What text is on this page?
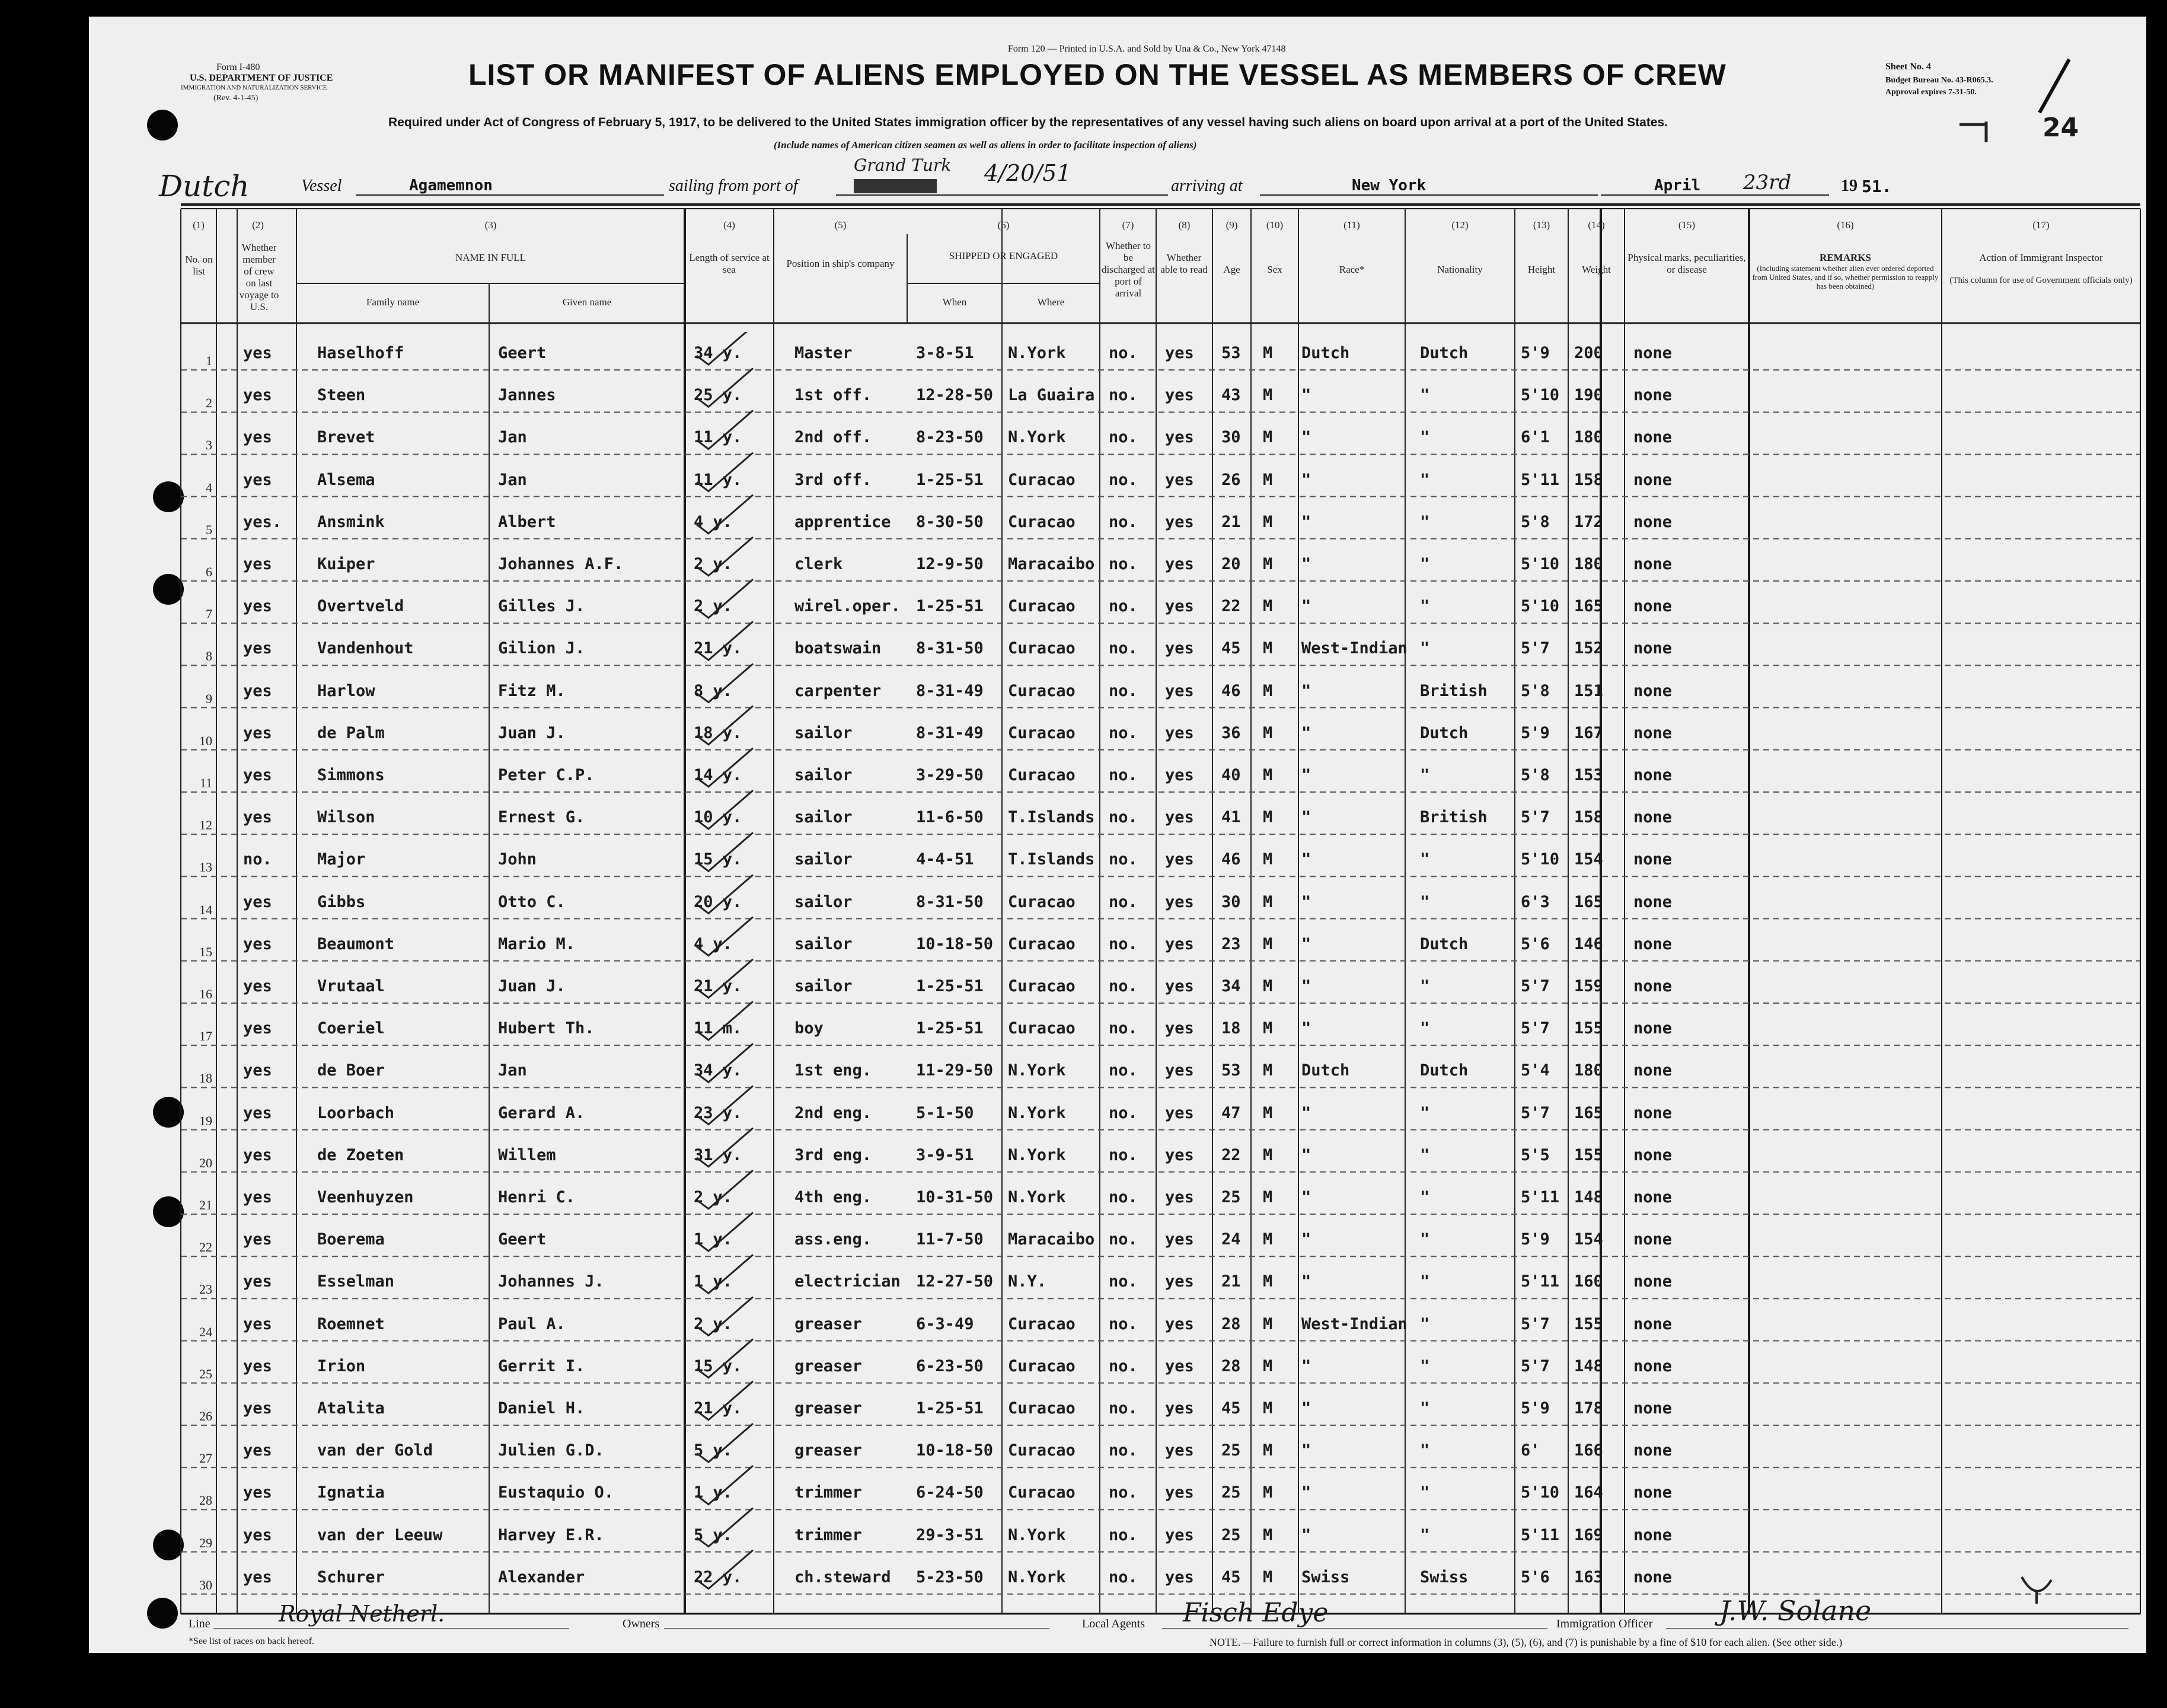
Form I-480
U.S. DEPARTMENT OF JUSTICE
IMMIGRATION AND NATURALIZATION SERVICE
(Rev. 4-1-45)
Form 120 — Printed in U.S.A. and Sold by Una & Co., New York 47148
LIST OR MANIFEST OF ALIENS EMPLOYED ON THE VESSEL AS MEMBERS OF CREW
Required under Act of Congress of February 5, 1917, to be delivered to the United States immigration officer by the representatives of any vessel having such aliens on board upon arrival at a port of the United States.
(Include names of American citizen seamen as well as aliens in order to facilitate inspection of aliens)
Sheet No. 4
Budget Bureau No. 43-R065.3.
Approval expires 7-31-50.
24
Dutch	Vessel	Agamemnon	sailing from port of
Grand Turk 4/20/51	arriving at	New York	April 23rd	19 51.
(1)	(2)	(3)	(4)	(5)	(6)	(7)	(8)	(9)	(10)	(11)	(12)	(13)	(14)	(15)	(16)	(17)
No. on list
Whether member of crew on last voyage to U.S.
NAME IN FULL
Family name	Given name
Length of service at sea
Position in ship's company
SHIPPED OR ENGAGED
When	Where
Whether to be discharged at port of arrival
Whether able to read	Age	Sex	Race*	Nationality	Height	Weight
Physical marks, peculiarities, or disease
REMARKS
(Including statement whether alien ever ordered deported from United States, and if so, whether permission to reapply has been obtained)
Action of Immigrant Inspector
(This column for use of Government officials only)
1 yes	Haselhoff	Geert	34 y.	Master	3-8-51 N.York	no. yes 53 M Dutch	Dutch	5'9 200 none
2 yes	Steen	Jannes	25 y.	1st off.	12-28-50 La Guaira no. yes 43 M "	"	5'10 190 none
3 yes	Brevet	Jan	11 y.	2nd off.	8-23-50 N.York	no. yes 30 M "	"	6'1 180 none
4 yes	Alsema	Jan	11 y.	3rd off.	1-25-51 Curacao no. yes 26 M "	"	5'11 158 none
5 yes. Ansmink	Albert	4 y.	apprentice 8-30-50 Curacao no. yes 21 M "	"	5'8 172 none
6 yes	Kuiper	Johannes A.F.	2 y.	clerk	12-9-50 Maracaibo no. yes 20 M "	"	5'10 180 none
7 yes	Overtveld	Gilles J.	2 y.	wirel.oper. 1-25-51 Curacao no. yes 22 M "	"	5'10 165 none
8 yes	Vandenhout	Gilion J.	21 y.	boatswain 8-31-50 Curacao no. yes 45 M West-Indian "	5'7 152 none
9 yes	Harlow	Fitz M.	8 y.	carpenter 8-31-49 Curacao no. yes 46 M "	British 5'8 151 none
10 yes	de Palm	Juan J.	18 y.	sailor	8-31-49 Curacao no. yes 36 M "	Dutch	5'9 167 none
11 yes	Simmons	Peter C.P.	14 y.	sailor	3-29-50 Curacao no. yes 40 M "	"	5'8 153 none
12 yes	Wilson	Ernest G.	10 y.	sailor	11-6-50 T.Islands no. yes 41 M "	British 5'7 158 none
13 no.	Major	John	15 y.	sailor	4-4-51 T.Islands no. yes 46 M "	"	5'10 154 none
14 yes	Gibbs	Otto C.	20 y.	sailor	8-31-50 Curacao no. yes 30 M "	"	6'3 165 none
15 yes	Beaumont	Mario M.	4 y.	sailor	10-18-50 Curacao no. yes 23 M "	Dutch	5'6 146 none
16 yes	Vrutaal	Juan J.	21 y.	sailor	1-25-51 Curacao no. yes 34 M "	"	5'7 159 none
17 yes	Coeriel	Hubert Th.	11 m.	boy	1-25-51 Curacao no. yes 18 M "	"	5'7 155 none
18 yes	de Boer	Jan	34 y.	1st eng.	11-29-50 N.York	no. yes 53 M Dutch	Dutch	5'4 180 none
19 yes	Loorbach	Gerard A.	23 y.	2nd eng.	5-1-50 N.York	no. yes 47 M "	"	5'7 165 none
20 yes	de Zoeten	Willem	31 y.	3rd eng.	3-9-51 N.York	no. yes 22 M "	"	5'5 155 none
21 yes	Veenhuyzen	Henri C.	2 y.	4th eng.	10-31-50 N.York	no. yes 25 M "	"	5'11 148 none
22 yes	Boerema	Geert	1 y.	ass.eng.	11-7-50 Maracaibo no. yes 24 M "	"	5'9 154 none
23 yes	Esselman	Johannes J.	1 y.	electrician 12-27-50 N.Y.	no. yes 21 M "	"	5'11 160 none
24 yes	Roemnet	Paul A.	2 y.	greaser	6-3-49 Curacao no. yes 28 M West-Indian "	5'7 155 none
25 yes	Irion	Gerrit I.	15 y.	greaser	6-23-50 Curacao no. yes 28 M "	"	5'7 148 none
26 yes	Atalita	Daniel H.	21 y.	greaser	1-25-51 Curacao no. yes 45 M "	"	5'9 178 none
27 yes	van der Gold	Julien G.D.	5 y.	greaser	10-18-50 Curacao no. yes 25 M "	"	6' 166 none
28 yes	Ignatia	Eustaquio O.	1 y.	trimmer	6-24-50 Curacao no. yes 25 M "	"	5'10 164 none
29 yes	van der Leeuw	Harvey E.R.	5 y.	trimmer	29-3-51 N.York	no. yes 25 M "	"	5'11 169 none
30 yes	Schurer	Alexander	22 y.	ch.steward 5-23-50 N.York	no. yes 45 M Swiss	Swiss	5'6 163 none
Line	Royal Netherl.	Owners	Local Agents Fisch Edye	Immigration Officer J.W. Solane
*See list of races on back hereof.	NOTE. —Failure to furnish full or correct information in columns (3), (5), (6), and (7) is punishable by a fine of $10 for each alien. (See other side.)
